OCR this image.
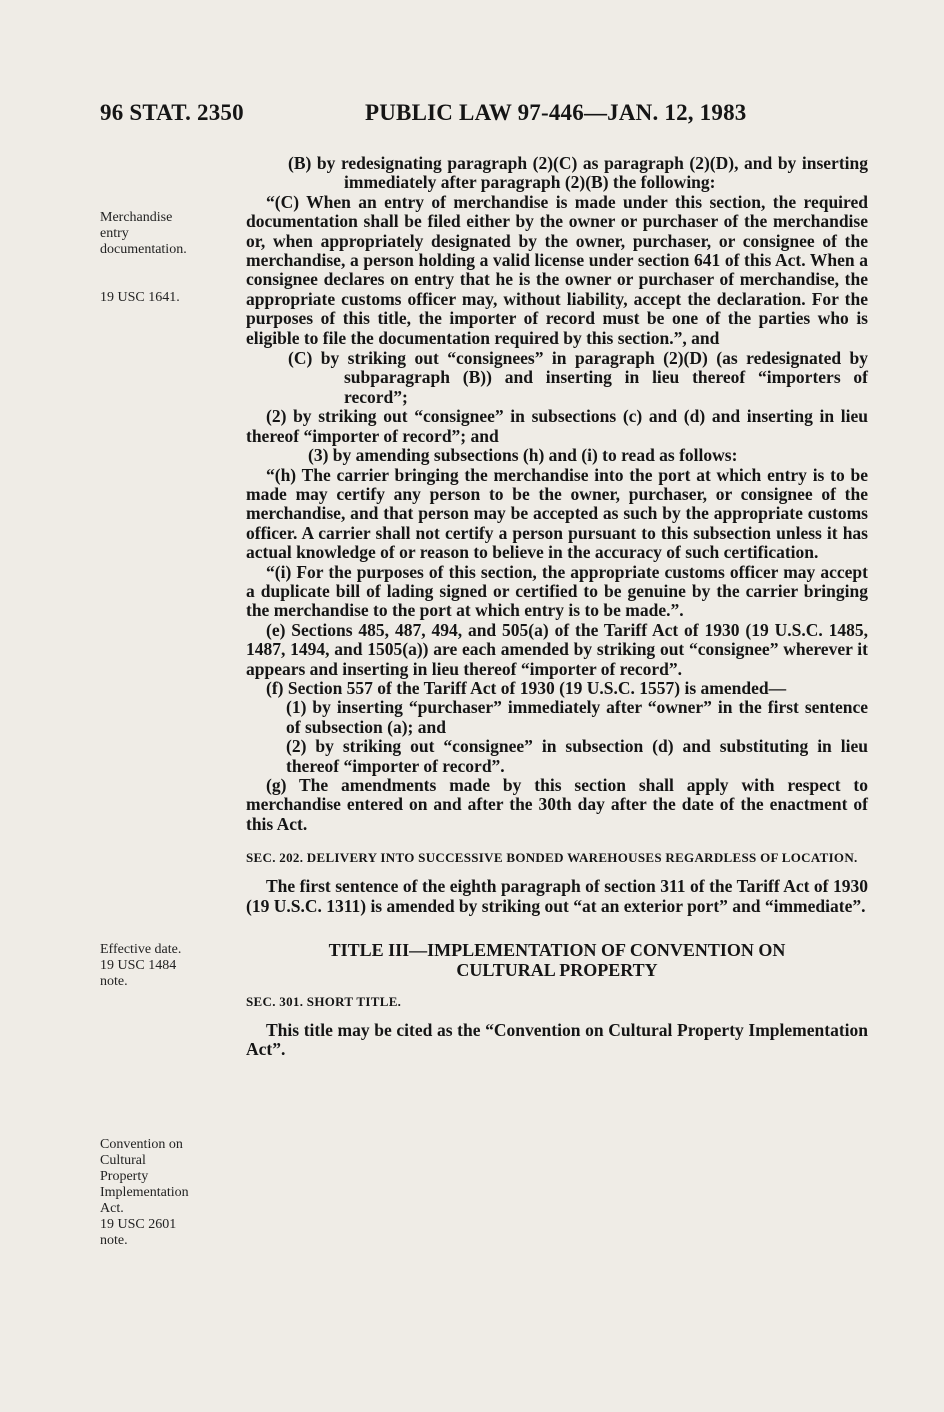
96 STAT. 2350	PUBLIC LAW 97-446—JAN. 12, 1983
Merchandise
entry
documentation.
19 USC 1641.
Effective date.
19 USC 1484
note.
Convention on
Cultural
Property
Implementation
Act.
19 USC 2601
note.

(B) by redesignating paragraph (2)(C) as paragraph (2)(D), and by inserting immediately after paragraph (2)(B) the following:

“(C) When an entry of merchandise is made under this section, the required documentation shall be filed either by the owner or purchaser of the merchandise or, when appropriately designated by the owner, purchaser, or consignee of the merchandise, a person holding a valid license under section 641 of this Act. When a consignee declares on entry that he is the owner or purchaser of merchandise, the appropriate customs officer may, without liability, accept the declaration. For the purposes of this title, the importer of record must be one of the parties who is eligible to file the documentation required by this section.”, and

(C) by striking out “consignees” in paragraph (2)(D) (as redesignated by subparagraph (B)) and inserting in lieu thereof “importers of record”;

(2) by striking out “consignee” in subsections (c) and (d) and inserting in lieu thereof “importer of record”; and

(3) by amending subsections (h) and (i) to read as follows:

“(h) The carrier bringing the merchandise into the port at which entry is to be made may certify any person to be the owner, purchaser, or consignee of the merchandise, and that person may be accepted as such by the appropriate customs officer. A carrier shall not certify a person pursuant to this subsection unless it has actual knowledge of or reason to believe in the accuracy of such certification.

“(i) For the purposes of this section, the appropriate customs officer may accept a duplicate bill of lading signed or certified to be genuine by the carrier bringing the merchandise to the port at which entry is to be made.”.

(e) Sections 485, 487, 494, and 505(a) of the Tariff Act of 1930 (19 U.S.C. 1485, 1487, 1494, and 1505(a)) are each amended by striking out “consignee” wherever it appears and inserting in lieu thereof “importer of record”.

(f) Section 557 of the Tariff Act of 1930 (19 U.S.C. 1557) is amended—

(1) by inserting “purchaser” immediately after “owner” in the first sentence of subsection (a); and

(2) by striking out “consignee” in subsection (d) and substituting in lieu thereof “importer of record”.

(g) The amendments made by this section shall apply with respect to merchandise entered on and after the 30th day after the date of the enactment of this Act.

SEC. 202. DELIVERY INTO SUCCESSIVE BONDED WAREHOUSES REGARDLESS OF LOCATION.

The first sentence of the eighth paragraph of section 311 of the Tariff Act of 1930 (19 U.S.C. 1311) is amended by striking out “at an exterior port” and “immediate”.

TITLE III—IMPLEMENTATION OF CONVENTION ON CULTURAL PROPERTY

SEC. 301. SHORT TITLE.

This title may be cited as the “Convention on Cultural Property Implementation Act”.
